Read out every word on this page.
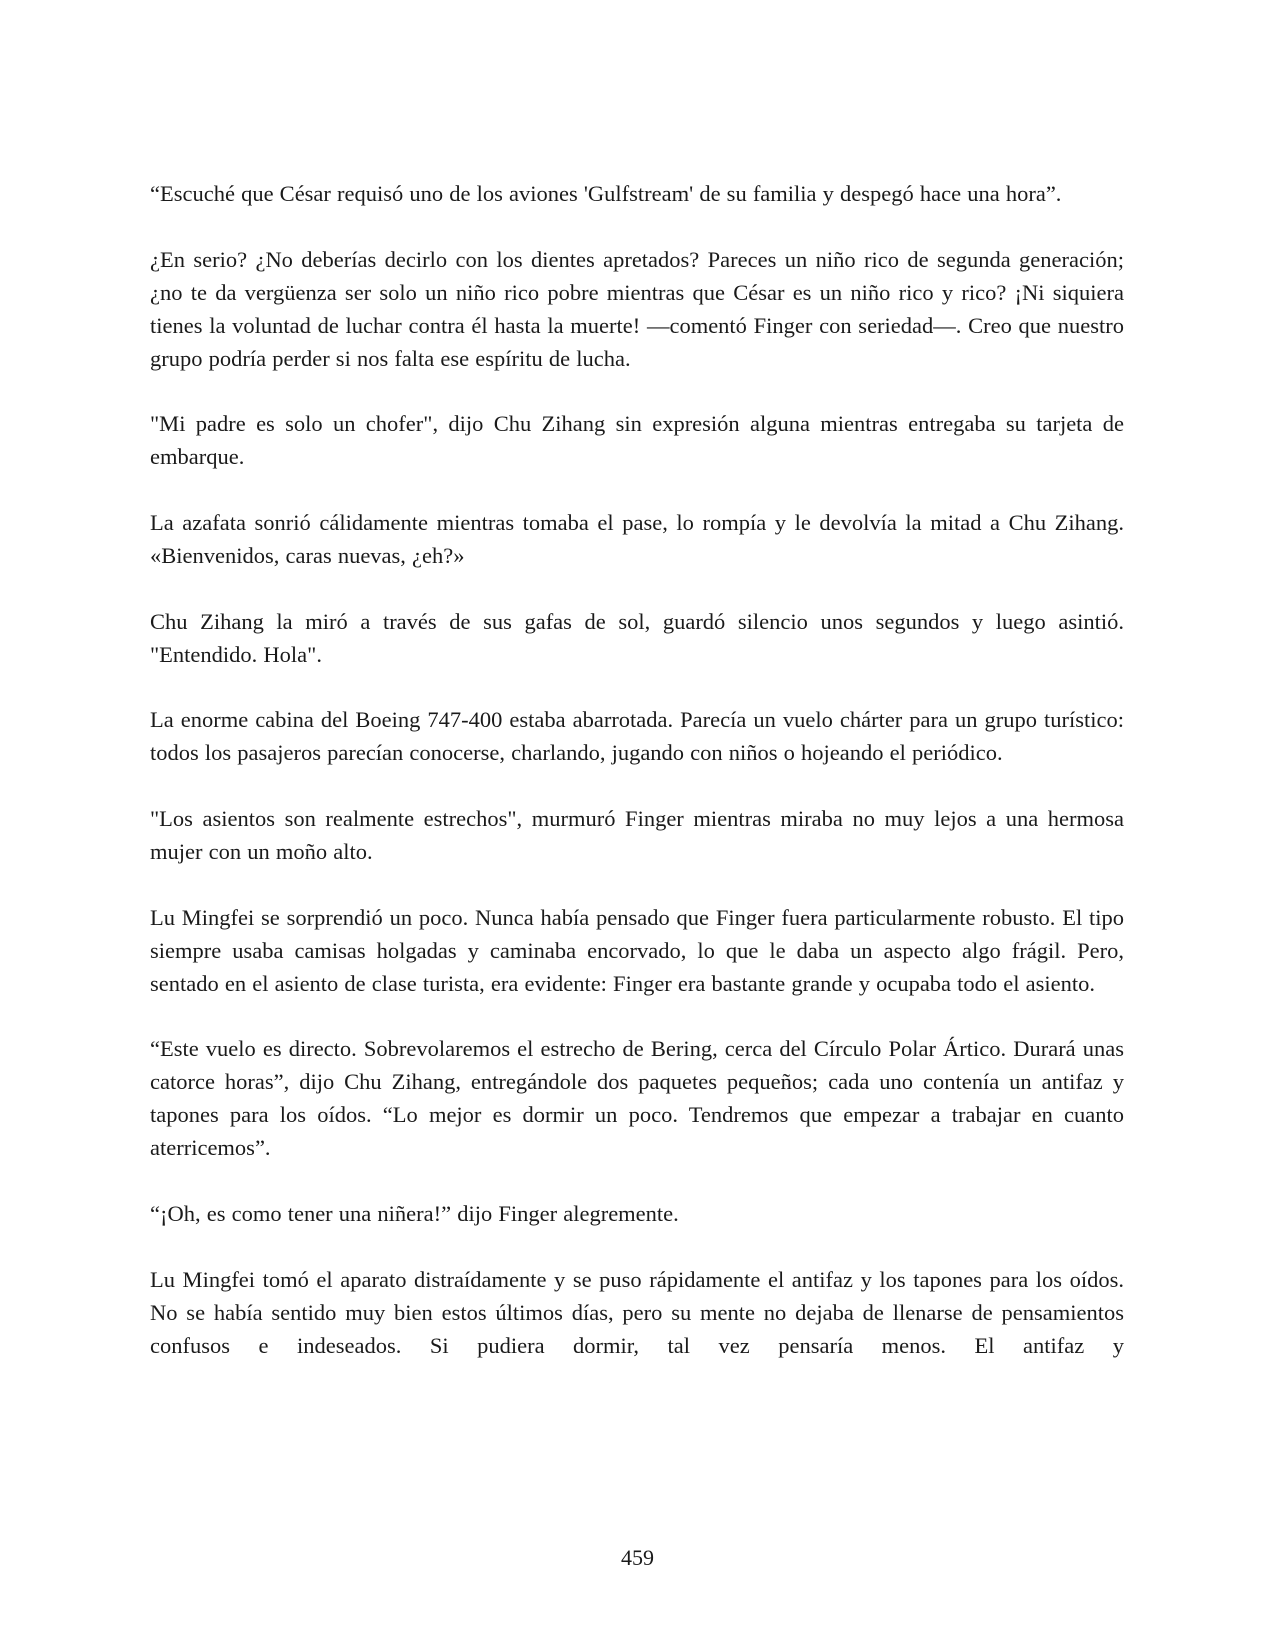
“Escuché que César requisó uno de los aviones 'Gulfstream' de su familia y despegó hace una hora”.

¿En serio? ¿No deberías decirlo con los dientes apretados? Pareces un niño rico de segunda generación; ¿no te da vergüenza ser solo un niño rico pobre mientras que César es un niño rico y rico? ¡Ni siquiera tienes la voluntad de luchar contra él hasta la muerte! —comentó Finger con seriedad—. Creo que nuestro grupo podría perder si nos falta ese espíritu de lucha.

"Mi padre es solo un chofer", dijo Chu Zihang sin expresión alguna mientras entregaba su tarjeta de embarque.

La azafata sonrió cálidamente mientras tomaba el pase, lo rompía y le devolvía la mitad a Chu Zihang. «Bienvenidos, caras nuevas, ¿eh?»

Chu Zihang la miró a través de sus gafas de sol, guardó silencio unos segundos y luego asintió. "Entendido. Hola".

La enorme cabina del Boeing 747-400 estaba abarrotada. Parecía un vuelo chárter para un grupo turístico: todos los pasajeros parecían conocerse, charlando, jugando con niños o hojeando el periódico.

"Los asientos son realmente estrechos", murmuró Finger mientras miraba no muy lejos a una hermosa mujer con un moño alto.

Lu Mingfei se sorprendió un poco. Nunca había pensado que Finger fuera particularmente robusto. El tipo siempre usaba camisas holgadas y caminaba encorvado, lo que le daba un aspecto algo frágil. Pero, sentado en el asiento de clase turista, era evidente: Finger era bastante grande y ocupaba todo el asiento.

“Este vuelo es directo. Sobrevolaremos el estrecho de Bering, cerca del Círculo Polar Ártico. Durará unas catorce horas”, dijo Chu Zihang, entregándole dos paquetes pequeños; cada uno contenía un antifaz y tapones para los oídos. “Lo mejor es dormir un poco. Tendremos que empezar a trabajar en cuanto aterricemos”.

“¡Oh, es como tener una niñera!” dijo Finger alegremente.

Lu Mingfei tomó el aparato distraídamente y se puso rápidamente el antifaz y los tapones para los oídos. No se había sentido muy bien estos últimos días, pero su mente no dejaba de llenarse de pensamientos confusos e indeseados. Si pudiera dormir, tal vez pensaría menos. El antifaz y

459
